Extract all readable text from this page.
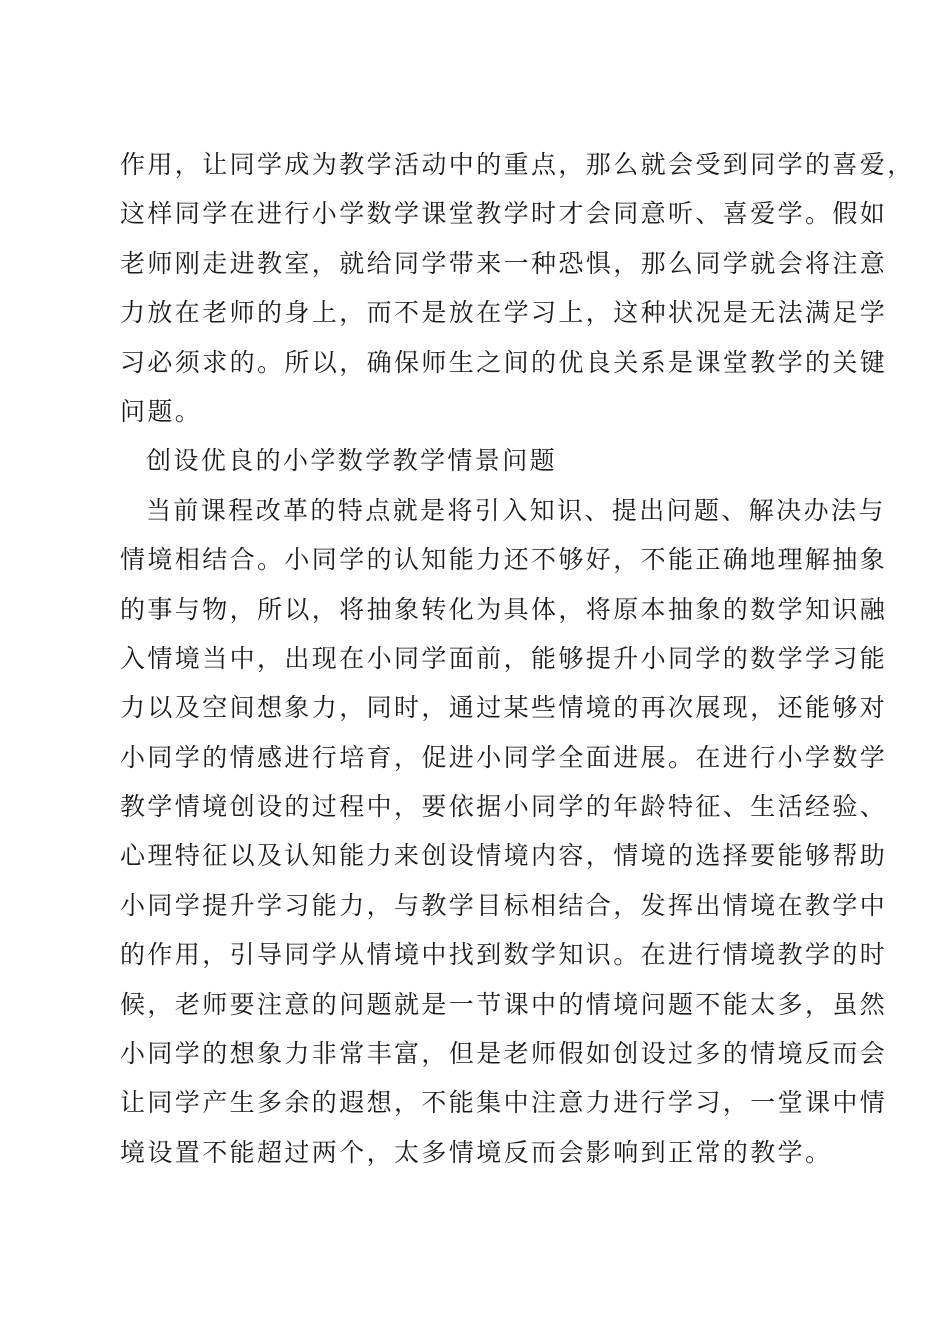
作用，让同学成为教学活动中的重点，那么就会受到同学的喜爱，
这样同学在进行小学数学课堂教学时才会同意听、喜爱学。假如
老师刚走进教室，就给同学带来一种恐惧，那么同学就会将注意
力放在老师的身上，而不是放在学习上，这种状况是无法满足学
习必须求的。所以，确保师生之间的优良关系是课堂教学的关键
问题。
创设优良的小学数学教学情景问题
当前课程改革的特点就是将引入知识、提出问题、解决办法与
情境相结合。小同学的认知能力还不够好，不能正确地理解抽象
的事与物，所以，将抽象转化为具体，将原本抽象的数学知识融
入情境当中，出现在小同学面前，能够提升小同学的数学学习能
力以及空间想象力，同时，通过某些情境的再次展现，还能够对
小同学的情感进行培育，促进小同学全面进展。在进行小学数学
教学情境创设的过程中，要依据小同学的年龄特征、生活经验、
心理特征以及认知能力来创设情境内容，情境的选择要能够帮助
小同学提升学习能力，与教学目标相结合，发挥出情境在教学中
的作用，引导同学从情境中找到数学知识。在进行情境教学的时
候，老师要注意的问题就是一节课中的情境问题不能太多，虽然
小同学的想象力非常丰富，但是老师假如创设过多的情境反而会
让同学产生多余的遐想，不能集中注意力进行学习，一堂课中情
境设置不能超过两个，太多情境反而会影响到正常的教学。
